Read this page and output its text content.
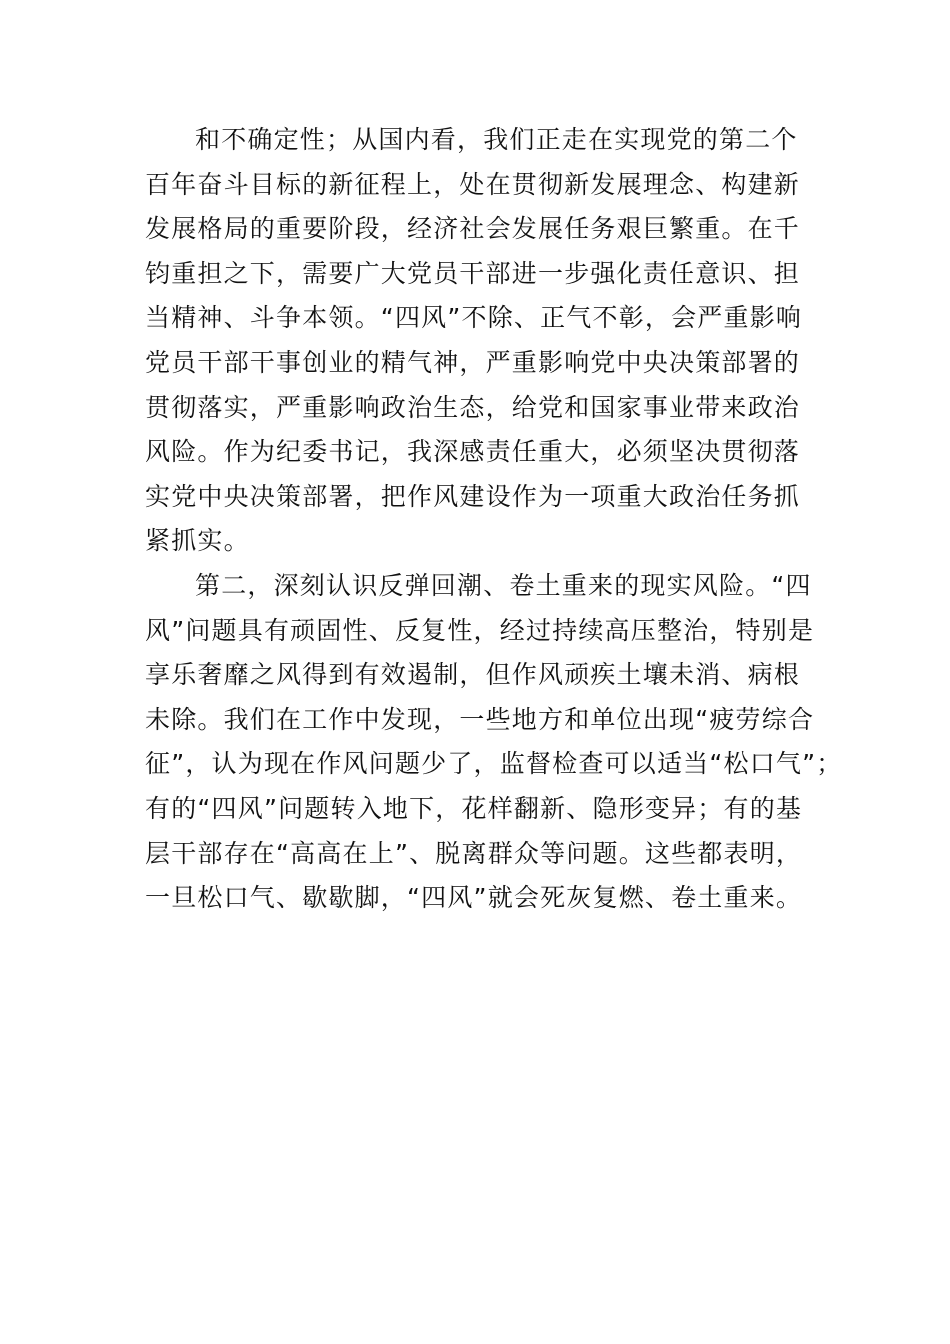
和不确定性；从国内看，我们正走在实现党的第二个
百年奋斗目标的新征程上，处在贯彻新发展理念、构建新
发展格局的重要阶段，经济社会发展任务艰巨繁重。在千
钧重担之下，需要广大党员干部进一步强化责任意识、担
当精神、斗争本领。“四风”不除、正气不彰，会严重影响
党员干部干事创业的精气神，严重影响党中央决策部署的
贯彻落实，严重影响政治生态，给党和国家事业带来政治
风险。作为纪委书记，我深感责任重大，必须坚决贯彻落
实党中央决策部署，把作风建设作为一项重大政治任务抓
紧抓实。
第二，深刻认识反弹回潮、卷土重来的现实风险。“四
风”问题具有顽固性、反复性，经过持续高压整治，特别是
享乐奢靡之风得到有效遏制，但作风顽疾土壤未消、病根
未除。我们在工作中发现，一些地方和单位出现“疲劳综合
征”，认为现在作风问题少了，监督检查可以适当“松口气”；
有的“四风”问题转入地下，花样翻新、隐形变异；有的基
层干部存在“高高在上”、脱离群众等问题。这些都表明，
一旦松口气、歇歇脚，“四风”就会死灰复燃、卷土重来。
